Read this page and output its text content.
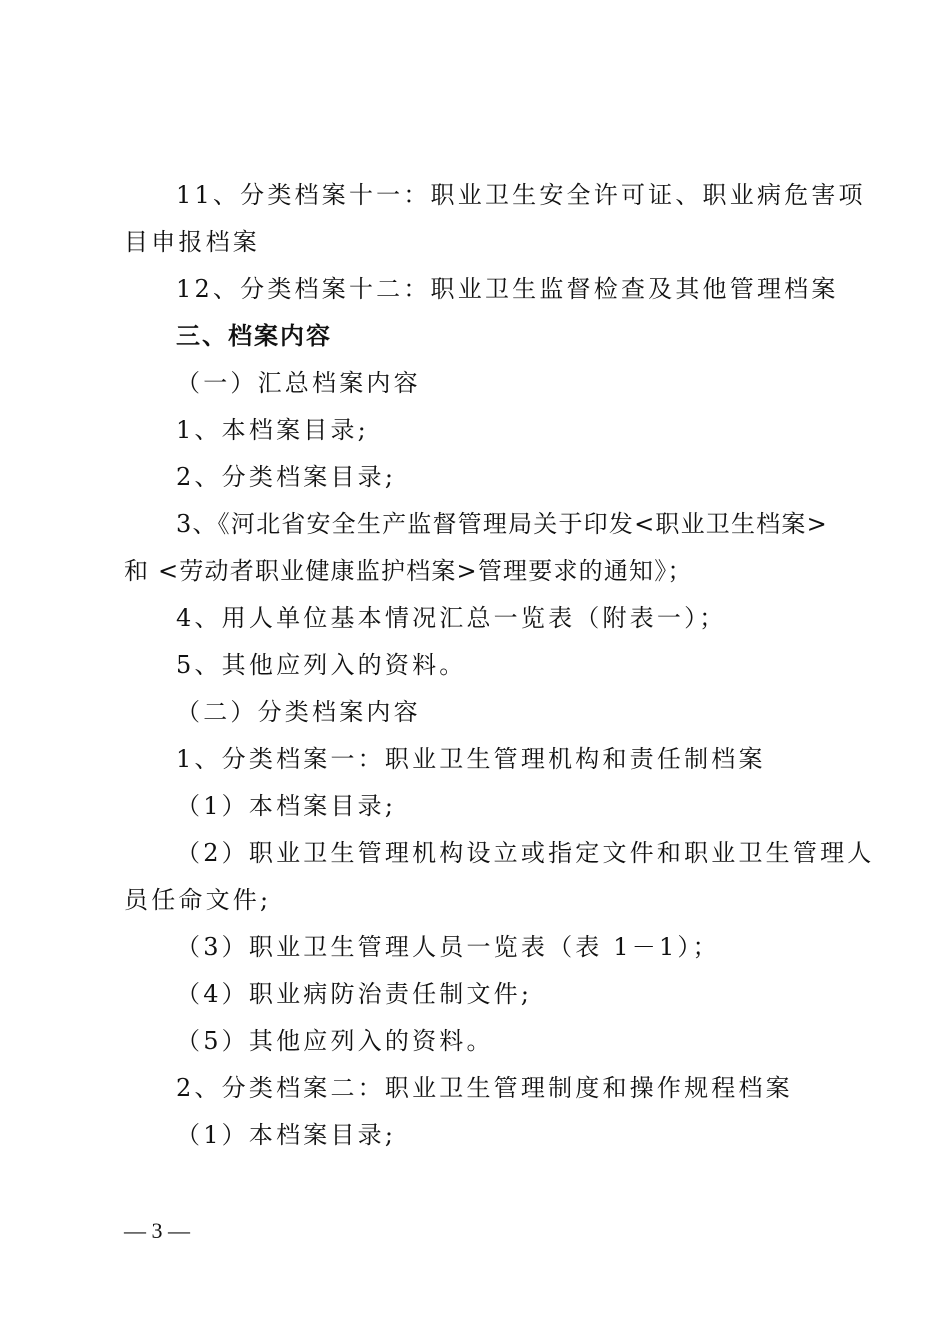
11、分类档案十一：职业卫生安全许可证、职业病危害项
目申报档案
12、分类档案十二：职业卫生监督检查及其他管理档案
三、档案内容
（一）汇总档案内容
1、本档案目录;
2、分类档案目录;
3、《河北省安全生产监督管理局关于印发<职业卫生档案>
和 <劳动者职业健康监护档案>管理要求的通知》；
4、用人单位基本情况汇总一览表（附表一）；
5、其他应列入的资料。
（二）分类档案内容
1、分类档案一：职业卫生管理机构和责任制档案
（1）本档案目录;
（2）职业卫生管理机构设立或指定文件和职业卫生管理人
员任命文件;
（3）职业卫生管理人员一览表（表 1－1）；
（4）职业病防治责任制文件;
（5）其他应列入的资料。
2、分类档案二：职业卫生管理制度和操作规程档案
（1）本档案目录;
— 3 —
